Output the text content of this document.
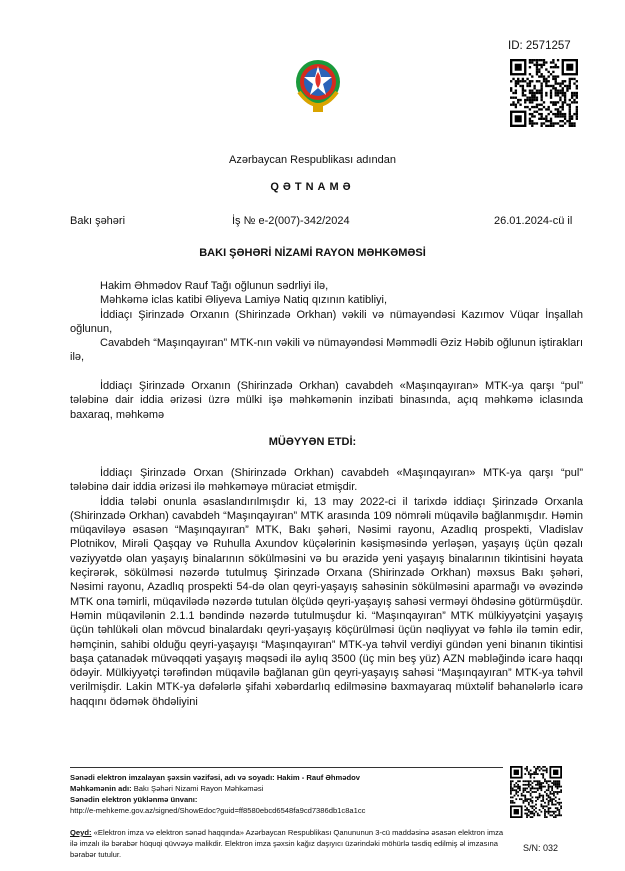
ID: 2571257
Azərbaycan Respublikası adından
QƏTNAMƏ
Bakı şəhəri	İş № e-2(007)-342/2024	26.01.2024-cü il
BAKI ŞƏHƏRİ NİZAMİ RAYON MƏHKƏMƏSİ
Hakim Əhmədov Rauf Tağı oğlunun sədrliyi ilə,
Məhkəmə iclas katibi Əliyeva Lamiyə Natiq qızının katibliyi,
İddiaçı Şirinzadə Orxanın (Shirinzadə Orkhan) vəkili və nümayəndəsi Kazımov Vüqar İnşallah oğlunun,
Cavabdeh “Maşınqayıran” MTK-nın vəkili və nümayəndəsi Məmmədli Əziz Həbib oğlunun iştirakları ilə,
İddiaçı Şirinzadə Orxanın (Shirinzadə Orkhan) cavabdeh «Maşınqayıran» MTK-ya qarşı “pul” tələbinə dair iddia ərizəsi üzrə mülki işə məhkəmənin inzibati binasında, açıq məhkəmə iclasında baxaraq, məhkəmə
MÜƏYYƏN ETDİ:
İddiaçı Şirinzadə Orxan (Shirinzadə Orkhan) cavabdeh «Maşınqayıran» MTK-ya qarşı “pul” tələbinə dair iddia ərizəsi ilə məhkəməyə müraciət etmişdir.
İddia tələbi onunla əsaslandırılmışdır ki, 13 may 2022-ci il tarixdə iddiaçı Şirinzadə Orxanla (Shirinzadə Orkhan) cavabdeh “Maşınqayıran” MTK arasında 109 nömrəli müqavilə bağlanmışdır. Həmin müqaviləyə əsasən “Maşınqayıran” MTK, Bakı şəhəri, Nəsimi rayonu, Azadlıq prospekti, Vladislav Plotnikov, Mirəli Qaşqay və Ruhulla Axundov küçələrinin kəsişməsində yerləşən, yaşayış üçün qəzalı vəziyyətdə olan yaşayış binalarının sökülməsini və bu ərazidə yeni yaşayış binalarının tikintisini həyata keçirərək, sökülməsi nəzərdə tutulmuş Şirinzadə Orxana (Shirinzadə Orkhan) məxsus Bakı şəhəri, Nəsimi rayonu, Azadlıq prospekti 54-də olan qeyri-yaşayış sahəsinin sökülməsini aparmağı və əvəzində MTK ona təmirli, müqavilədə nəzərdə tutulan ölçüdə qeyri-yaşayış sahəsi verməyi öhdəsinə götürmüşdür. Həmin müqavilənin 2.1.1 bəndində nəzərdə tutulmuşdur ki. “Maşınqayıran” MTK mülkiyyətçini yaşayış üçün təhlükəli olan mövcud binalardakı qeyri-yaşayış köçürülməsi üçün nəqliyyat və fəhlə ilə təmin edir, həmçinin, sahibi olduğu qeyri-yaşayışı “Maşınqayıran” MTK-ya təhvil verdiyi gündən yeni binanın tikintisi başa çatanadək müvəqqəti yaşayış məqsədi ilə aylıq 3500 (üç min beş yüz) AZN məbləğində icarə haqqı ödəyir. Mülkiyyətçi tərəfindən müqavilə bağlanan gün qeyri-yaşayış sahəsi “Maşınqayıran” MTK-ya təhvil verilmişdir. Lakin MTK-ya dəfələrlə şifahi xəbərdarlıq edilməsinə baxmayaraq müxtəlif bəhanələrlə icarə haqqını ödəmək öhdəliyini
Sənədi elektron imzalayan şəxsin vəzifəsi, adı və soyadı: Hakim - Rauf Əhmədov
Məhkəmənin adı: Bakı Şəhəri Nizami Rayon Məhkəməsi
Sənədin elektron yüklənmə ünvanı:
http://e-mehkeme.gov.az/signed/ShowEdoc?guid=ff8580ebcd6548fa9cd7386db1c8a1cc
Qeyd: «Elektron imza və elektron sənəd haqqında» Azərbaycan Respublikası Qanununun 3-cü maddəsinə əsasən elektron imza ilə imzalı ilə bərabər hüquqi qüvvəyə malikdir. Elektron imza şəxsin kağız daşıyıcı üzərindəki möhürlə təsdiq edilmiş əl imzasına bərabər tutulur.
S/N: 032
